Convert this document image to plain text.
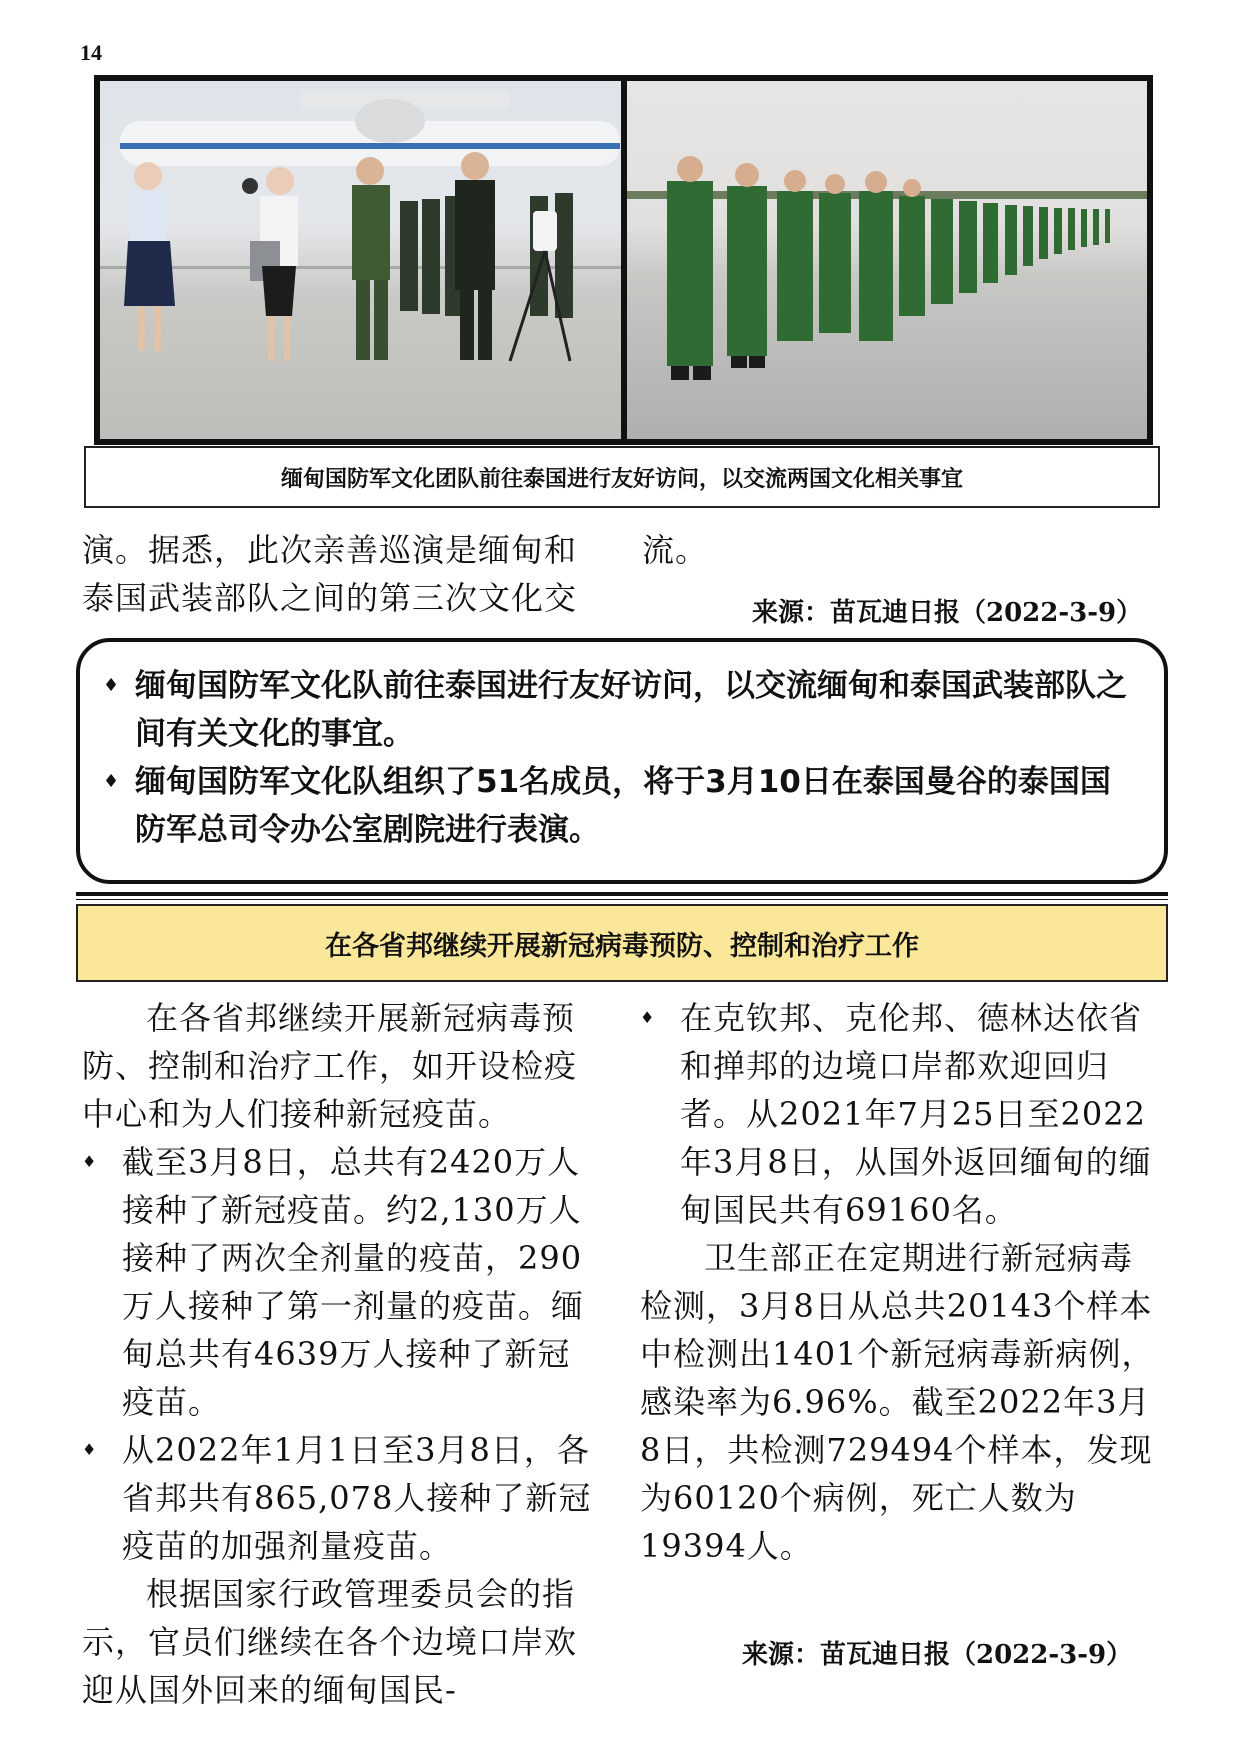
14
缅甸国防军文化团队前往泰国进行友好访问，以交流两国文化相关事宜
演。据悉，此次亲善巡演是缅甸和泰国武装部队之间的第三次文化交
流。
来源：苗瓦迪日报（2022-3-9）
♦ 缅甸国防军文化队前往泰国进行友好访问，以交流缅甸和泰国武装部队之间有关文化的事宜。
♦ 缅甸国防军文化队组织了51名成员，将于3月10日在泰国曼谷的泰国国防军总司令办公室剧院进行表演。
在各省邦继续开展新冠病毒预防、控制和治疗工作

在各省邦继续开展新冠病毒预防、控制和治疗工作，如开设检疫中心和为人们接种新冠疫苗。

♦ 截至3月8日，总共有2420万人接种了新冠疫苗。约2,130万人接种了两次全剂量的疫苗，290万人接种了第一剂量的疫苗。缅甸总共有4639万人接种了新冠疫苗。

♦ 从2022年1月1日至3月8日，各省邦共有865,078人接种了新冠疫苗的加强剂量疫苗。

根据国家行政管理委员会的指示，官员们继续在各个边境口岸欢迎从国外回来的缅甸国民-

♦ 在克钦邦、克伦邦、德林达依省和掸邦的边境口岸都欢迎回归者。从2021年7月25日至2022年3月8日，从国外返回缅甸的缅甸国民共有69160名。

卫生部正在定期进行新冠病毒检测，3月8日从总共20143个样本中检测出1401个新冠病毒新病例，感染率为6.96%。截至2022年3月8日，共检测729494个样本，发现为60120个病例，死亡人数为19394人。

来源：苗瓦迪日报（2022-3-9）
